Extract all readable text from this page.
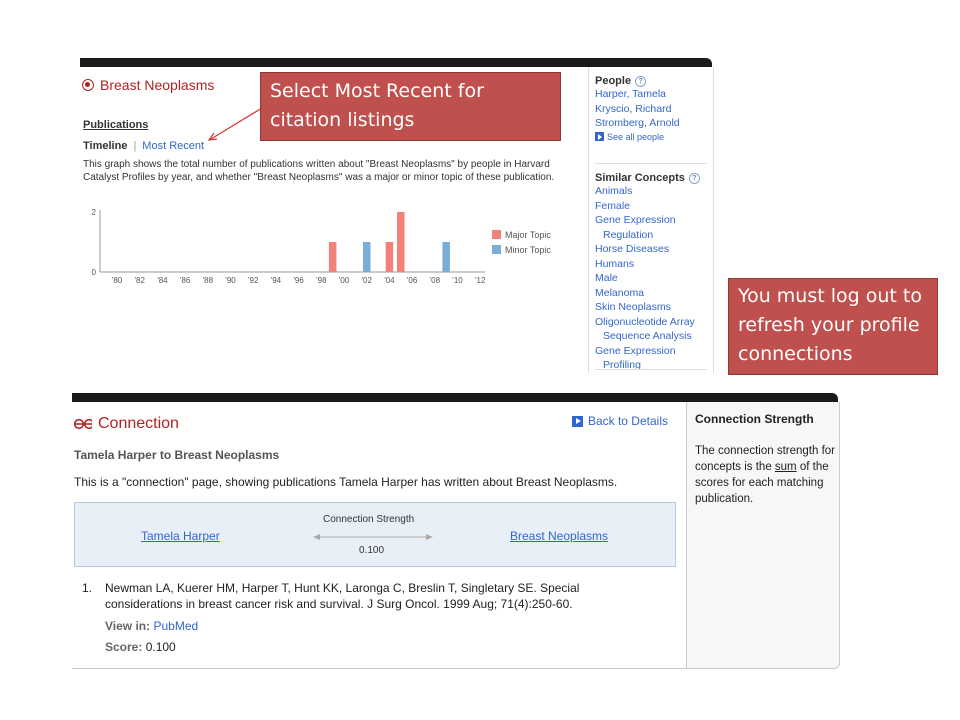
Breast Neoplasms
Publications
Timeline | Most Recent
This graph shows the total number of publications written about "Breast Neoplasms" by people in Harvard Catalyst Profiles by year, and whether "Breast Neoplasms" was a major or minor topic of these publication.
0
2
'80 '82 '84 '86 '88 '90 '92 '94 '96 '98 '00 '02 '04 '06 '08 '10 '12
Major Topic
Minor Topic
People	?
Harper, Tamela
Kryscio, Richard
Stromberg, Arnold
See all people
Similar Concepts	?
Animals
Female
Gene Expression
Regulation
Horse Diseases
Humans
Male
Melanoma
Skin Neoplasms
Oligonucleotide Array
Sequence Analysis
Gene Expression
Profiling
Select Most Recent for citation listings
You must log out to refresh your profile connections
Connection	Back to Details
Tamela Harper to Breast Neoplasms
This is a "connection" page, showing publications Tamela Harper has written about Breast Neoplasms.
Tamela Harper
Connection Strength
0.100
Breast Neoplasms
1. Newman LA, Kuerer HM, Harper T, Hunt KK, Laronga C, Breslin T, Singletary SE. Special considerations in breast cancer risk and survival. J Surg Oncol. 1999 Aug; 71(4):250-60.
View in: PubMed
Score: 0.100
Connection Strength
The connection strength for concepts is the sum of the scores for each matching publication.
